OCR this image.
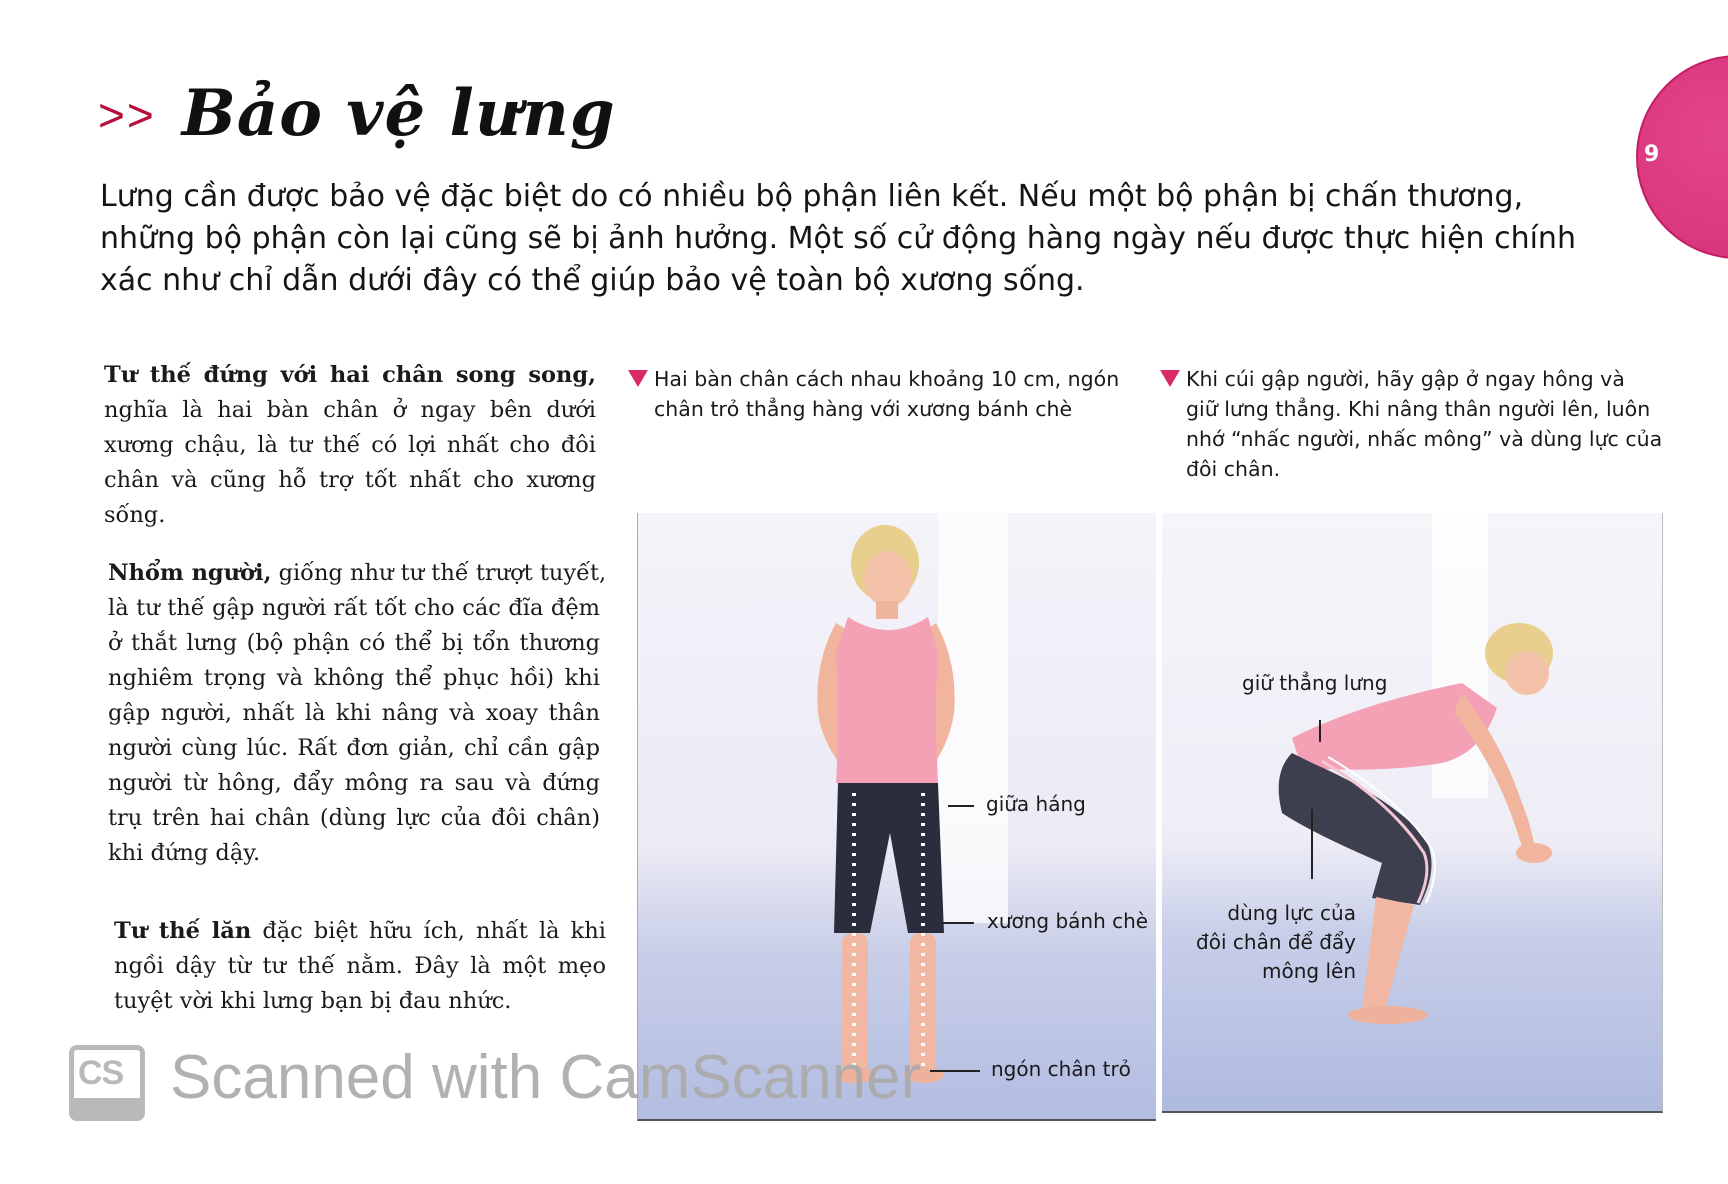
>> Bảo vệ lưng
9
Lưng cần được bảo vệ đặc biệt do có nhiều bộ phận liên kết. Nếu một bộ phận bị chấn thương,
những bộ phận còn lại cũng sẽ bị ảnh hưởng. Một số cử động hàng ngày nếu được thực hiện chính
xác như chỉ dẫn dưới đây có thể giúp bảo vệ toàn bộ xương sống.
Tư thế đứng với hai chân song song,
nghĩa là hai bàn chân ở ngay bên dưới
xương chậu, là tư thế có lợi nhất cho đôi
chân và cũng hỗ trợ tốt nhất cho xương
sống.
Nhổm người, giống như tư thế trượt tuyết,
là tư thế gập người rất tốt cho các đĩa đệm
ở thắt lưng (bộ phận có thể bị tổn thương
nghiêm trọng và không thể phục hồi) khi
gập người, nhất là khi nâng và xoay thân
người cùng lúc. Rất đơn giản, chỉ cần gập
người từ hông, đẩy mông ra sau và đứng
trụ trên hai chân (dùng lực của đôi chân)
khi đứng dậy.
Tư thế lăn đặc biệt hữu ích, nhất là khi
ngồi dậy từ tư thế nằm. Đây là một mẹo
tuyệt vời khi lưng bạn bị đau nhức.
Hai bàn chân cách nhau khoảng 10 cm, ngón
chân trỏ thẳng hàng với xương bánh chè
Khi cúi gập người, hãy gập ở ngay hông và
giữ lưng thẳng. Khi nâng thân người lên, luôn
nhớ “nhấc người, nhấc mông” và dùng lực của
đôi chân.
giữa háng
xương bánh chè
ngón chân trỏ
giữ thẳng lưng
dùng lực của
đôi chân để đẩy
mông lên
CS Scanned with CamScanner
